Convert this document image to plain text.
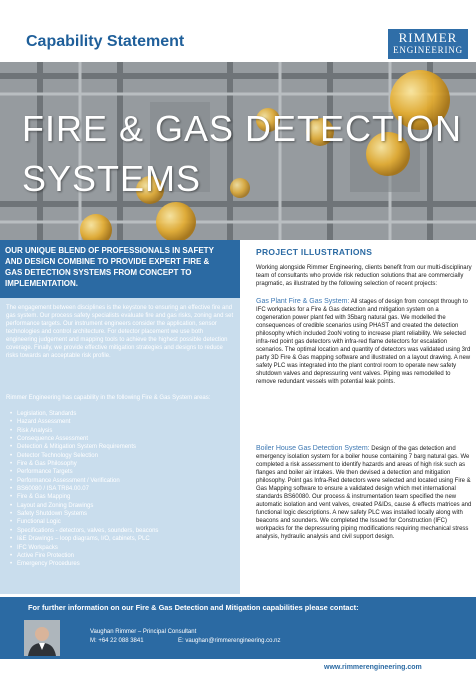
Capability Statement	RIMMER
ENGINEERING
FIRE & GAS DETECTION
SYSTEMS
OUR UNIQUE BLEND OF PROFESSIONALS IN SAFETY
AND DESIGN COMBINE TO PROVIDE EXPERT FIRE &
GAS DETECTION SYSTEMS FROM CONCEPT TO
IMPLEMENTATION.

The engagement between disciplines is the keystone to ensuring an effective fire and gas system. Our process safety specialists evaluate fire and gas risks, zoning and set performance targets. Our instrument engineers consider the application, sensor technologies and control architecture. For detector placement we use both engineering judgement and mapping tools to achieve the highest possible detection coverage. Finally, we provide effective mitigation strategies and designs to reduce risks towards an acceptable risk profile.

Rimmer Engineering has capability in the following Fire & Gas System areas:

• Legislation, Standards
• Hazard Assessment
• Risk Analysis
• Consequence Assessment
• Detection & Mitigation System Requirements
• Detector Technology Selection
• Fire & Gas Philosophy
• Performance Targets
• Performance Assessment / Verification
• BS60080 / ISA TR84.00.07
• Fire & Gas Mapping
• Layout and Zoning Drawings
• Safety Shutdown Systems
• Functional Logic
• Specifications - detectors, valves, sounders, beacons
• I&E Drawings – loop diagrams, I/O, cabinets, PLC
• IFC Workpacks
• Active Fire Protection
• Emergency Procedures
PROJECT ILLUSTRATIONS

Working alongside Rimmer Engineering, clients benefit from our multi-disciplinary team of consultants who provide risk reduction solutions that are commercially pragmatic, as illustrated by the following selection of recent projects:

Gas Plant Fire & Gas System: All stages of design from concept through to IFC workpacks for a Fire & Gas detection and mitigation system on a cogeneration power plant fed with 35barg natural gas. We modelled the consequences of credible scenarios using PHAST and created the detection philosophy which included 2ooN voting to increase plant reliability. We selected infra-red point gas detectors with infra-red flame detectors for escalation scenarios. The optimal location and quantity of detectors was validated using 3rd party 3D Fire & Gas mapping software and illustrated on a layout drawing. A new safety PLC was integrated into the plant control room to operate new safety shutdown valves and depressuring vent valves. Piping was remodelled to remove redundant vessels with potential leak points.

Boiler House Gas Detection System: Design of the gas detection and emergency isolation system for a boiler house containing 7 barg natural gas. We completed a risk assessment to identify hazards and areas of high risk such as flanges and boiler air intakes. We then devised a detection and mitigation philosophy. Point gas Infra-Red detectors were selected and located using Fire & Gas Mapping software to ensure a validated design which met international standards BS60080. Our process & instrumentation team specified the new automatic isolation and vent valves, created P&IDs, cause & effects matrices and functional logic descriptions. A new safety PLC was installed locally along with beacons and sounders. We completed the Issued for Construction (IFC) workpacks for the depressuring piping modifications requiring mechanical stress analysis, hydraulic analysis and civil support design.

For further information on our Fire & Gas Detection and Mitigation capabilities please contact:
Vaughan Rimmer – Principal Consultant
M: +64 22 088 3841	E: vaughan@rimmerengineering.co.nz
www.rimmerengineering.com
